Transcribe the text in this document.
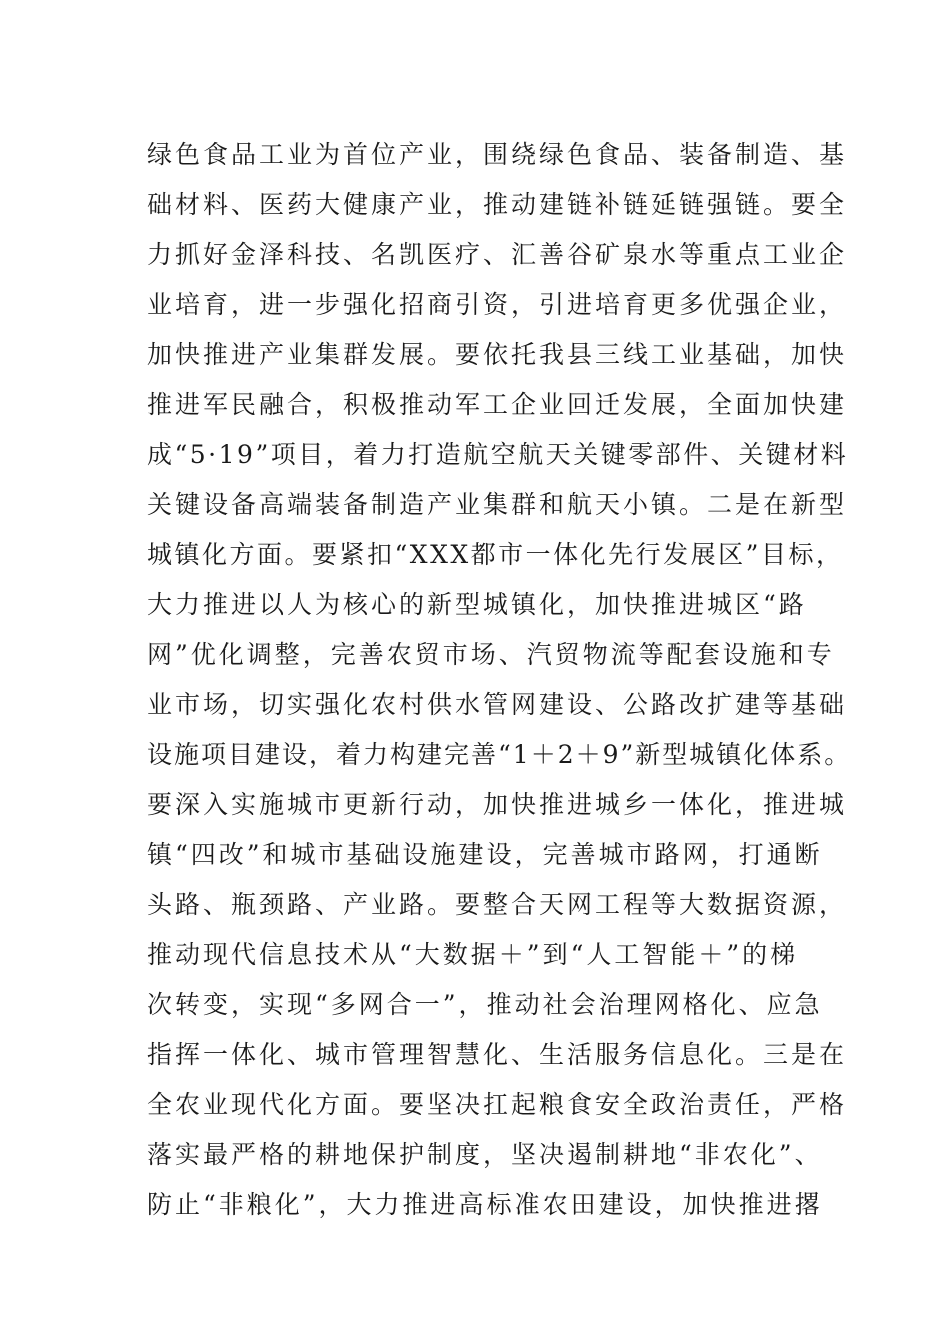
绿色食品工业为首位产业，围绕绿色食品、装备制造、基
础材料、医药大健康产业，推动建链补链延链强链。要全
力抓好金泽科技、名凯医疗、汇善谷矿泉水等重点工业企
业培育，进一步强化招商引资，引进培育更多优强企业，
加快推进产业集群发展。要依托我县三线工业基础，加快
推进军民融合，积极推动军工企业回迁发展，全面加快建
成“5·19”项目，着力打造航空航天关键零部件、关键材料
关键设备高端装备制造产业集群和航天小镇。二是在新型
城镇化方面。要紧扣“XXX都市一体化先行发展区”目标，
大力推进以人为核心的新型城镇化，加快推进城区“路
网”优化调整，完善农贸市场、汽贸物流等配套设施和专
业市场，切实强化农村供水管网建设、公路改扩建等基础
设施项目建设，着力构建完善“1＋2＋9”新型城镇化体系。
要深入实施城市更新行动，加快推进城乡一体化，推进城
镇“四改”和城市基础设施建设，完善城市路网，打通断
头路、瓶颈路、产业路。要整合天网工程等大数据资源，
推动现代信息技术从“大数据＋”到“人工智能＋”的梯
次转变，实现“多网合一”，推动社会治理网格化、应急
指挥一体化、城市管理智慧化、生活服务信息化。三是在
全农业现代化方面。要坚决扛起粮食安全政治责任，严格
落实最严格的耕地保护制度，坚决遏制耕地“非农化”、
防止“非粮化”，大力推进高标准农田建设，加快推进撂
